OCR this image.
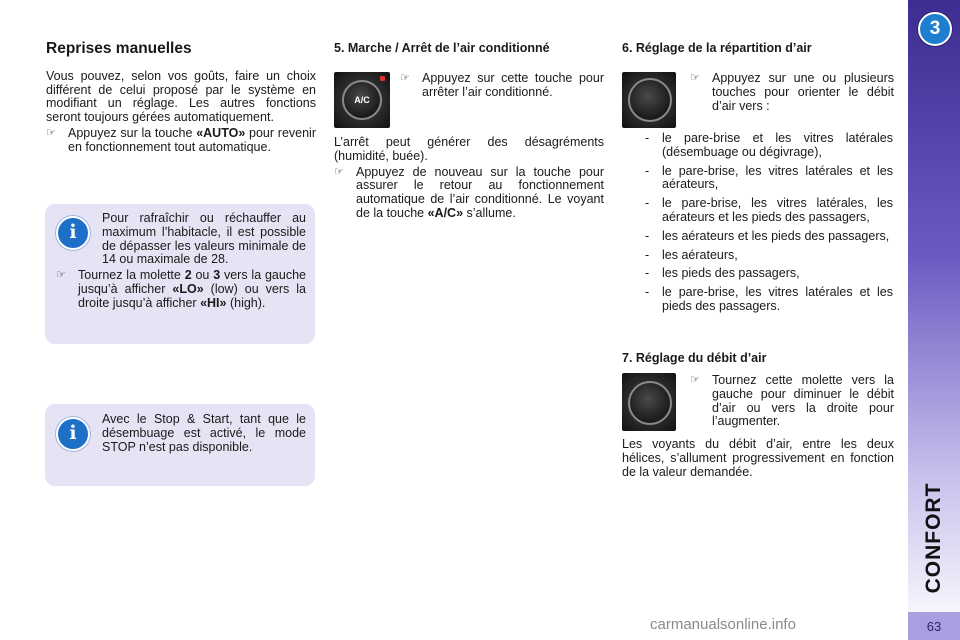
3
CONFORT
63
carmanualsonline.info
Reprises manuelles

Vous pouvez, selon vos goûts, faire un choix différent de celui proposé par le système en modifiant un réglage. Les autres fonctions seront toujours gérées automatiquement.

☞ Appuyez sur la touche «AUTO» pour revenir en fonctionnement tout automatique.
i

Pour rafraîchir ou réchauffer au maximum l’habitacle, il est possible de dépasser les valeurs minimale de 14 ou maximale de 28.

☞ Tournez la molette 2 ou 3 vers la gauche jusqu’à afficher «LO» (low) ou vers la droite jusqu’à afficher «HI» (high).
i

Avec le Stop & Start, tant que le désembuage est activé, le mode STOP n’est pas disponible.

5. Marche / Arrêt de l’air conditionné
A/C
☞ Appuyez sur cette touche pour arrêter l’air conditionné.

L’arrêt peut générer des désagréments (humidité, buée).

☞ Appuyez de nouveau sur la touche pour assurer le retour au fonctionnement automatique de l’air conditionné. Le voyant de la touche «A/C» s’allume.
6. Réglage de la répartition d’air
☞ Appuyez sur une ou plusieurs touches pour orienter le débit d’air vers :
-	le pare-brise et les vitres latérales (désembuage ou dégivrage),
-	le pare-brise, les vitres latérales et les aérateurs,
-	le pare-brise, les vitres latérales, les aérateurs et les pieds des passagers,
-	les aérateurs et les pieds des passagers,
-	les aérateurs,
-	les pieds des passagers,
-	le pare-brise, les vitres latérales et les pieds des passagers.
7. Réglage du débit d’air
☞ Tournez cette molette vers la gauche pour diminuer le débit d’air ou vers la droite pour l’augmenter.

Les voyants du débit d’air, entre les deux hélices, s’allument progressivement en fonction de la valeur demandée.
